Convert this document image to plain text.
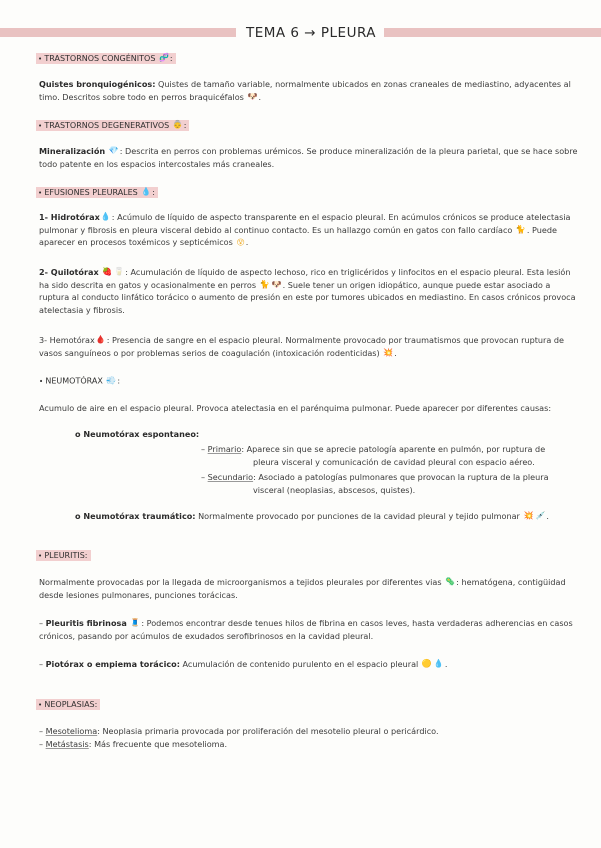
TEMA 6 → PLEURA
• TRASTORNOS CONGÉNITOS 🧬:
Quistes bronquiogénicos: Quistes de tamaño variable, normalmente ubicados en zonas craneales de mediastino, adyacentes al timo. Descritos sobre todo en perros braquicéfalos 🐶.
• TRASTORNOS DEGENERATIVOS 👵:
Mineralización 💎: Descrita en perros con problemas urémicos. Se produce mineralización de la pleura parietal, que se hace sobre todo patente en los espacios intercostales más craneales.
• EFUSIONES PLEURALES 💧:
1- Hidrotórax💧: Acúmulo de líquido de aspecto transparente en el espacio pleural. En acúmulos crónicos se produce atelectasia pulmonar y fibrosis en pleura visceral debido al continuo contacto. Es un hallazgo común en gatos con fallo cardíaco 🐈. Puede aparecer en procesos toxémicos y septicémicos 😵.
2- Quilotórax 🍓 🥛: Acumulación de líquido de aspecto lechoso, rico en triglicéridos y linfocitos en el espacio pleural. Esta lesión ha sido descrita en gatos y ocasionalmente en perros 🐈 🐶. Suele tener un origen idiopático, aunque puede estar asociado a ruptura al conducto linfático torácico o aumento de presión en este por tumores ubicados en mediastino. En casos crónicos provoca atelectasia y fibrosis.
3- Hemotórax🩸: Presencia de sangre en el espacio pleural. Normalmente provocado por traumatismos que provocan ruptura de vasos sanguíneos o por problemas serios de coagulación (intoxicación rodenticidas) 💥.
• NEUMOTÓRAX 💨:
Acumulo de aire en el espacio pleural. Provoca atelectasia en el parénquima pulmonar. Puede aparecer por diferentes causas:
o Neumotórax espontaneo:
– Primario: Aparece sin que se aprecie patología aparente en pulmón, por ruptura de
pleura visceral y comunicación de cavidad pleural con espacio aéreo.
– Secundario: Asociado a patologías pulmonares que provocan la ruptura de la pleura
visceral (neoplasias, abscesos, quistes).
o Neumotórax traumático: Normalmente provocado por punciones de la cavidad pleural y tejido pulmonar 💥 💉.
• PLEURITIS:
Normalmente provocadas por la llegada de microorganismos a tejidos pleurales por diferentes vias 🦠: hematógena, contigüidad desde lesiones pulmonares, punciones torácicas.
– Pleuritis fibrinosa 🧵: Podemos encontrar desde tenues hilos de fibrina en casos leves, hasta verdaderas adherencias en casos crónicos, pasando por acúmulos de exudados serofibrinosos en la cavidad pleural.
– Piotórax o empiema torácico: Acumulación de contenido purulento en el espacio pleural 🟡 💧.
• NEOPLASIAS:
– Mesotelioma: Neoplasia primaria provocada por proliferación del mesotelio pleural o pericárdico.
– Metástasis: Más frecuente que mesotelioma.
